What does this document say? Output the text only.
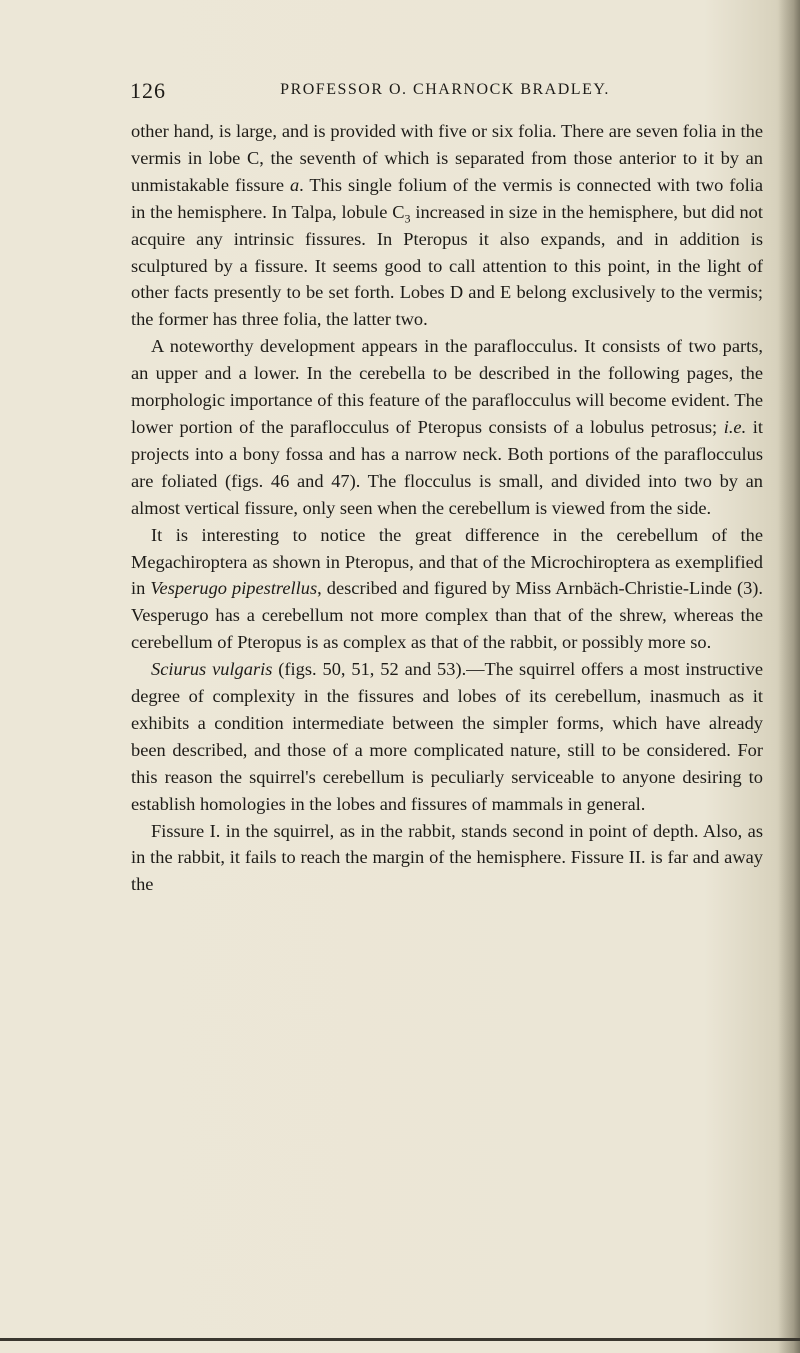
126	PROFESSOR O. CHARNOCK BRADLEY.

other hand, is large, and is provided with five or six folia. There are seven folia in the vermis in lobe C, the seventh of which is separated from those anterior to it by an unmistakable fissure a. This single folium of the vermis is connected with two folia in the hemisphere. In Talpa, lobule $C_3$ increased in size in the hemisphere, but did not acquire any intrinsic fissures. In Pteropus it also expands, and in addition is sculptured by a fissure. It seems good to call attention to this point, in the light of other facts presently to be set forth. Lobes D and E belong exclusively to the vermis; the former has three folia, the latter two.

A noteworthy development appears in the paraflocculus. It consists of two parts, an upper and a lower. In the cerebella to be described in the following pages, the morphologic importance of this feature of the paraflocculus will become evident. The lower portion of the paraflocculus of Pteropus consists of a lobulus petrosus; i.e. it projects into a bony fossa and has a narrow neck. Both portions of the paraflocculus are foliated (figs. 46 and 47). The flocculus is small, and divided into two by an almost vertical fissure, only seen when the cerebellum is viewed from the side.

It is interesting to notice the great difference in the cerebellum of the Megachiroptera as shown in Pteropus, and that of the Microchiroptera as exemplified in Vesperugo pipestrellus, described and figured by Miss Arnbäch-Christie-Linde (3). Vesperugo has a cerebellum not more complex than that of the shrew, whereas the cerebellum of Pteropus is as complex as that of the rabbit, or possibly more so.

Sciurus vulgaris (figs. 50, 51, 52 and 53).—The squirrel offers a most instructive degree of complexity in the fissures and lobes of its cerebellum, inasmuch as it exhibits a condition intermediate between the simpler forms, which have already been described, and those of a more complicated nature, still to be considered. For this reason the squirrel's cerebellum is peculiarly serviceable to anyone desiring to establish homologies in the lobes and fissures of mammals in general.

Fissure I. in the squirrel, as in the rabbit, stands second in point of depth. Also, as in the rabbit, it fails to reach the margin of the hemisphere. Fissure II. is far and away the
